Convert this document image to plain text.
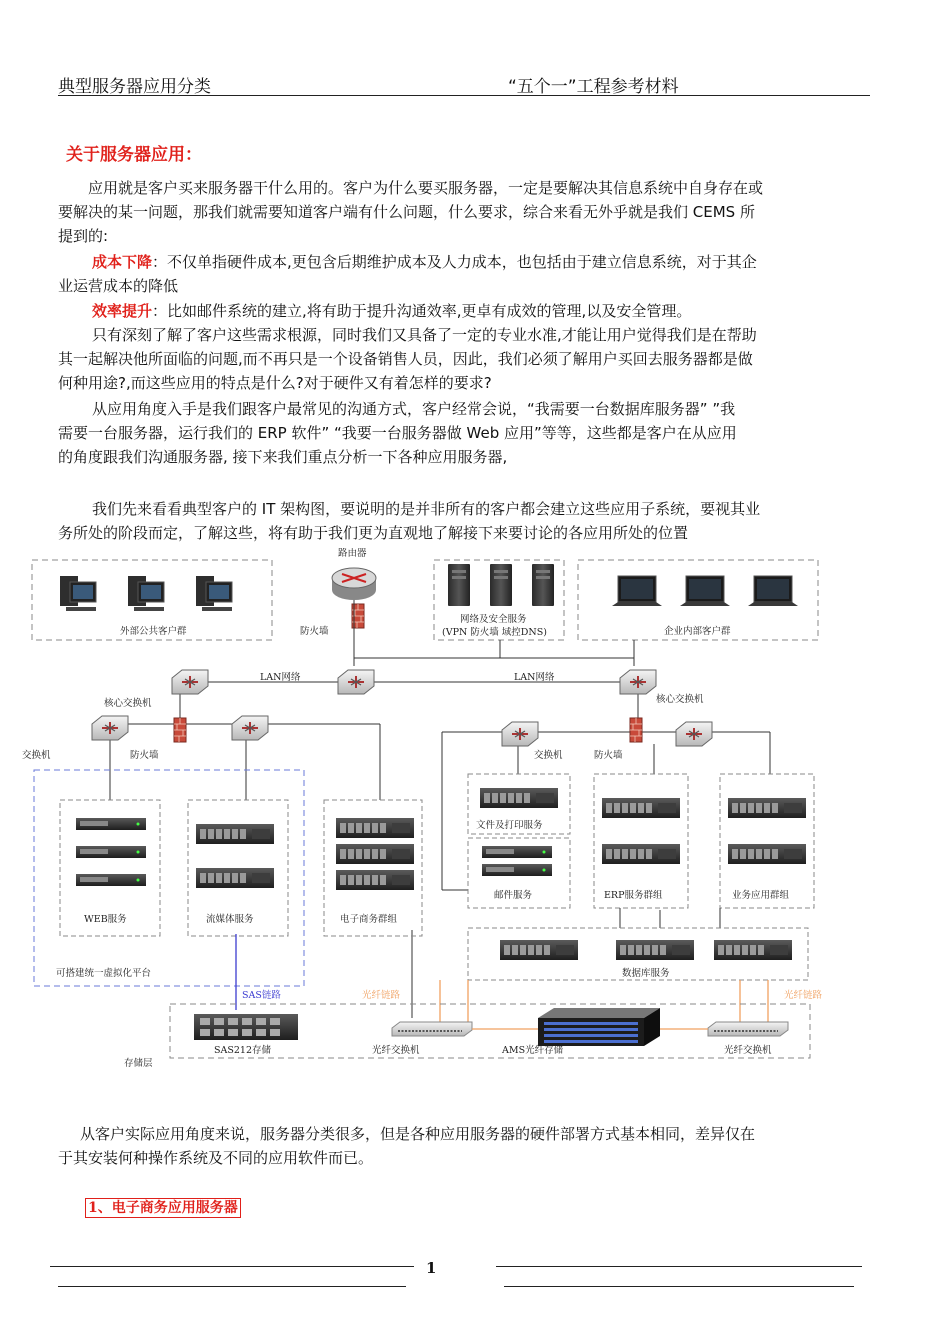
典型服务器应用分类	“五个一”工程参考材料
关于服务器应用：
应用就是客户买来服务器干什么用的。客户为什么要买服务器，一定是要解决其信息系统中自身存在或
要解决的某一问题，那我们就需要知道客户端有什么问题，什么要求，综合来看无外乎就是我们 CEMS 所
提到的:
成本下降：不仅单指硬件成本,更包含后期维护成本及人力成本，也包括由于建立信息系统，对于其企
业运营成本的降低
效率提升：比如邮件系统的建立,将有助于提升沟通效率,更卓有成效的管理,以及安全管理。
只有深刻了解了客户这些需求根源，同时我们又具备了一定的专业水准,才能让用户觉得我们是在帮助
其一起解决他所面临的问题,而不再只是一个设备销售人员，因此，我们必须了解用户买回去服务器都是做
何种用途?,而这些应用的特点是什么?对于硬件又有着怎样的要求?
从应用角度入手是我们跟客户最常见的沟通方式，客户经常会说，“我需要一台数据库服务器” ”我
需要一台服务器，运行我们的 ERP 软件” “我要一台服务器做 Web 应用”等等，这些都是客户在从应用
的角度跟我们沟通服务器, 接下来我们重点分析一下各种应用服务器,
我们先来看看典型客户的 IT 架构图，要说明的是并非所有的客户都会建立这些应用子系统，要视其业
务所处的阶段而定，了解这些，将有助于我们更为直观地了解接下来要讨论的各应用所处的位置
外部公共客户群
网络及安全服务
(VPN 防火墙 域控DNS)	企业内部客户群
路由器
防火墙
LAN网络	LAN网络
核心交换机	核心交换机
交换机	防火墙	交换机	防火墙
WEB服务	流媒体服务
可搭建统一虚拟化平台
电子商务群组
文件及打印服务
邮件服务	ERP服务群组	业务应用群组
数据库服务
SAS链路	光纤链路	光纤链路
SAS212存储	光纤交换机	光纤交换机
AMS光纤存储
存储层
从客户实际应用角度来说，服务器分类很多，但是各种应用服务器的硬件部署方式基本相同，差异仅在
于其安装何种操作系统及不同的应用软件而已。
1、电子商务应用服务器
1
